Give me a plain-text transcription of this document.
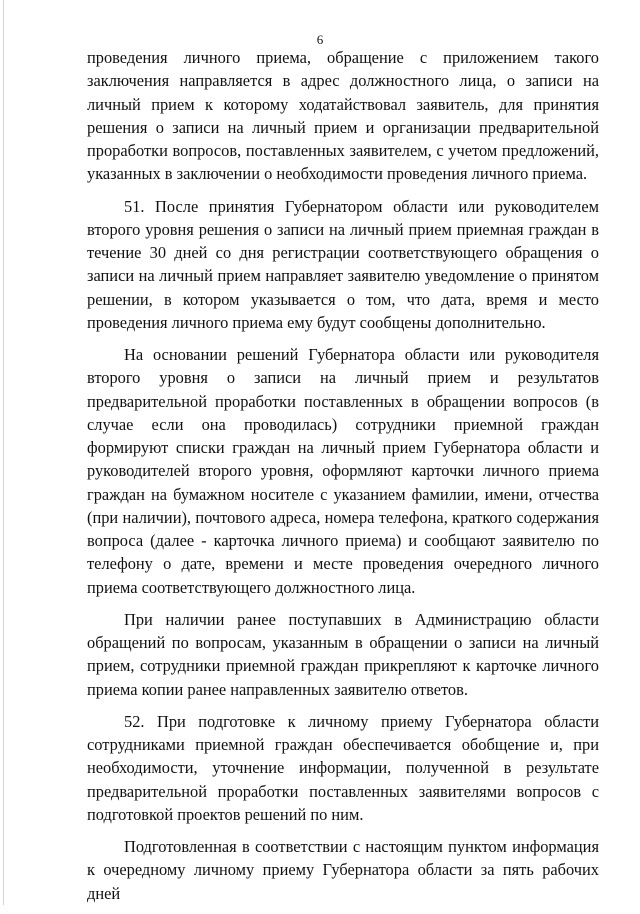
6

проведения личного приема, обращение с приложением такого заключения направляется в адрес должностного лица, о записи на личный прием к которому ходатайствовал заявитель, для принятия решения о записи на личный прием и организации предварительной проработки вопросов, поставленных заявителем, с учетом предложений, указанных в заключении о необходимости проведения личного приема.

51. После принятия Губернатором области или руководителем второго уровня решения о записи на личный прием приемная граждан в течение 30 дней со дня регистрации соответствующего обращения о записи на личный прием направляет заявителю уведомление о принятом решении, в котором указывается о том, что дата, время и место проведения личного приема ему будут сообщены дополнительно.

На основании решений Губернатора области или руководителя второго уровня о записи на личный прием и результатов предварительной проработки поставленных в обращении вопросов (в случае если она проводилась) сотрудники приемной граждан формируют списки граждан на личный прием Губернатора области и руководителей второго уровня, оформляют карточки личного приема граждан на бумажном носителе с указанием фамилии, имени, отчества (при наличии), почтового адреса, номера телефона, краткого содержания вопроса (далее - карточка личного приема) и сообщают заявителю по телефону о дате, времени и месте проведения очередного личного приема соответствующего должностного лица.

При наличии ранее поступавших в Администрацию области обращений по вопросам, указанным в обращении о записи на личный прием, сотрудники приемной граждан прикрепляют к карточке личного приема копии ранее направленных заявителю ответов.

52. При подготовке к личному приему Губернатора области сотрудниками приемной граждан обеспечивается обобщение и, при необходимости, уточнение информации, полученной в результате предварительной проработки поставленных заявителями вопросов с подготовкой проектов решений по ним.

Подготовленная в соответствии с настоящим пунктом информация к очередному личному приему Губернатора области за пять рабочих дней
